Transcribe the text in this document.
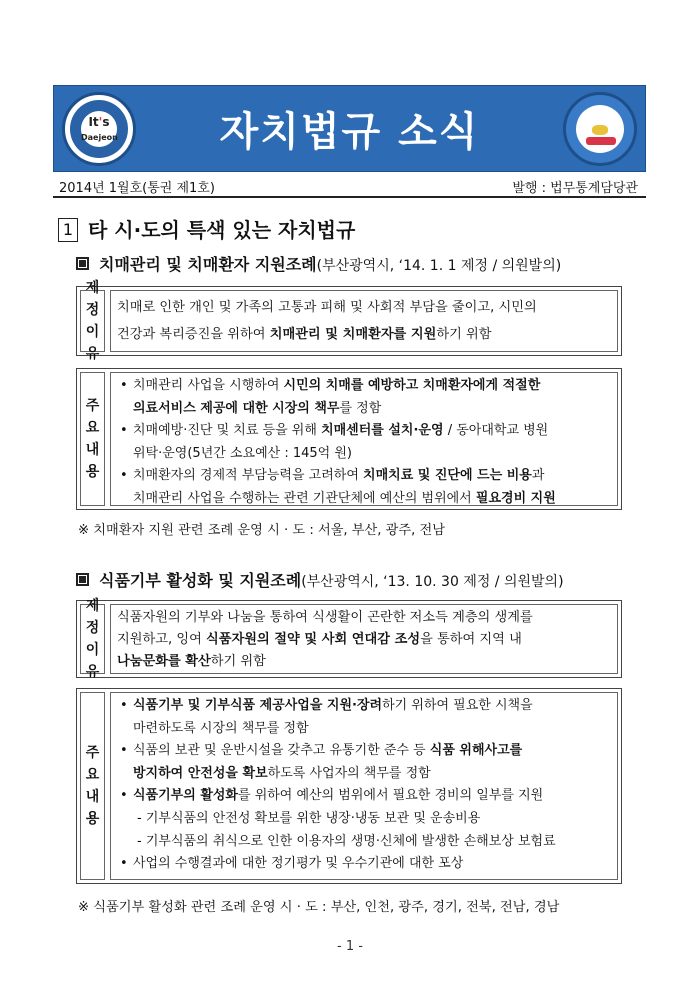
It's
Daejeon	자치법규 소식
2014년 1월호(통권 제1호)	발행 : 법무통계담당관
1 타 시·도의 특색 있는 자치법규
치매관리 및 치매환자 지원조례(부산광역시, ‘14. 1. 1 제정 / 의원발의)
제
정
이
유
치매로 인한 개인 및 가족의 고통과 피해 및 사회적 부담을 줄이고, 시민의
건강과 복리증진을 위하여 치매관리 및 치매환자를 지원하기 위함
주
요
내
용
• 치매관리 사업을 시행하여 시민의 치매를 예방하고 치매환자에게 적절한
의료서비스 제공에 대한 시장의 책무를 정함
• 치매예방·진단 및 치료 등을 위해 치매센터를 설치·운영 / 동아대학교 병원
위탁·운영(5년간 소요예산 : 145억 원)
• 치매환자의 경제적 부담능력을 고려하여 치매치료 및 진단에 드는 비용과
치매관리 사업을 수행하는 관련 기관단체에 예산의 범위에서 필요경비 지원
※ 치매환자 지원 관련 조례 운영 시 · 도 : 서울, 부산, 광주, 전남
식품기부 활성화 및 지원조례(부산광역시, ‘13. 10. 30 제정 / 의원발의)
제
정
이
유
식품자원의 기부와 나눔을 통하여 식생활이 곤란한 저소득 계층의 생계를
지원하고, 잉여 식품자원의 절약 및 사회 연대감 조성을 통하여 지역 내
나눔문화를 확산하기 위함
주
요
내
용
• 식품기부 및 기부식품 제공사업을 지원·장려하기 위하여 필요한 시책을
마련하도록 시장의 책무를 정함
• 식품의 보관 및 운반시설을 갖추고 유통기한 준수 등 식품 위해사고를
방지하여 안전성을 확보하도록 사업자의 책무를 정함
• 식품기부의 활성화를 위하여 예산의 범위에서 필요한 경비의 일부를 지원
- 기부식품의 안전성 확보를 위한 냉장·냉동 보관 및 운송비용
- 기부식품의 취식으로 인한 이용자의 생명·신체에 발생한 손해보상 보험료
• 사업의 수행결과에 대한 정기평가 및 우수기관에 대한 포상
※ 식품기부 활성화 관련 조례 운영 시 · 도 : 부산, 인천, 광주, 경기, 전북, 전남, 경남
- 1 -
